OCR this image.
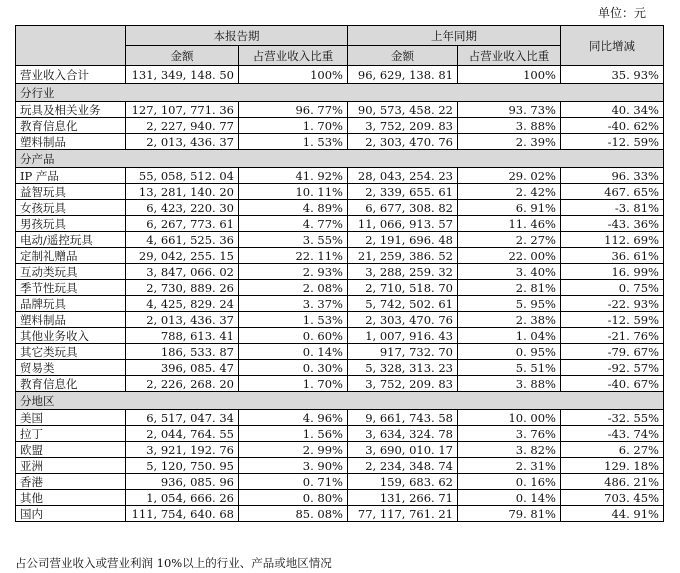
单位：元
	本报告期		上年同期		同比增减
	金额	占营业收入比重	金额	占营业收入比重	
营业收入合计	131, 349, 148. 50	100%	96, 629, 138. 81	100%	35. 93%
分行业					
玩具及相关业务	127, 107, 771. 36	96. 77%	90, 573, 458. 22	93. 73%	40. 34%
教育信息化	2, 227, 940. 77	1. 70%	3, 752, 209. 83	3. 88%	-40. 62%
塑料制品	2, 013, 436. 37	1. 53%	2, 303, 470. 76	2. 39%	-12. 59%
分产品					
IP 产品	55, 058, 512. 04	41. 92%	28, 043, 254. 23	29. 02%	96. 33%
益智玩具	13, 281, 140. 20	10. 11%	2, 339, 655. 61	2. 42%	467. 65%
女孩玩具	6, 423, 220. 30	4. 89%	6, 677, 308. 82	6. 91%	-3. 81%
男孩玩具	6, 267, 773. 61	4. 77%	11, 066, 913. 57	11. 46%	-43. 36%
电动/遥控玩具	4, 661, 525. 36	3. 55%	2, 191, 696. 48	2. 27%	112. 69%
定制礼赠品	29, 042, 255. 15	22. 11%	21, 259, 386. 52	22. 00%	36. 61%
互动类玩具	3, 847, 066. 02	2. 93%	3, 288, 259. 32	3. 40%	16. 99%
季节性玩具	2, 730, 889. 26	2. 08%	2, 710, 518. 70	2. 81%	0. 75%
品牌玩具	4, 425, 829. 24	3. 37%	5, 742, 502. 61	5. 95%	-22. 93%
塑料制品	2, 013, 436. 37	1. 53%	2, 303, 470. 76	2. 38%	-12. 59%
其他业务收入	788, 613. 41	0. 60%	1, 007, 916. 43	1. 04%	-21. 76%
其它类玩具	186, 533. 87	0. 14%	917, 732. 70	0. 95%	-79. 67%
贸易类	396, 085. 47	0. 30%	5, 328, 313. 23	5. 51%	-92. 57%
教育信息化	2, 226, 268. 20	1. 70%	3, 752, 209. 83	3. 88%	-40. 67%
分地区					
美国	6, 517, 047. 34	4. 96%	9, 661, 743. 58	10. 00%	-32. 55%
拉丁	2, 044, 764. 55	1. 56%	3, 634, 324. 78	3. 76%	-43. 74%
欧盟	3, 921, 192. 76	2. 99%	3, 690, 010. 17	3. 82%	6. 27%
亚洲	5, 120, 750. 95	3. 90%	2, 234, 348. 74	2. 31%	129. 18%
香港	936, 085. 96	0. 71%	159, 683. 62	0. 16%	486. 21%
其他	1, 054, 666. 26	0. 80%	131, 266. 71	0. 14%	703. 45%
国内	111, 754, 640. 68	85. 08%	77, 117, 761. 21	79. 81%	44. 91%
占公司营业收入或营业利润 10%以上的行业、产品或地区情况
